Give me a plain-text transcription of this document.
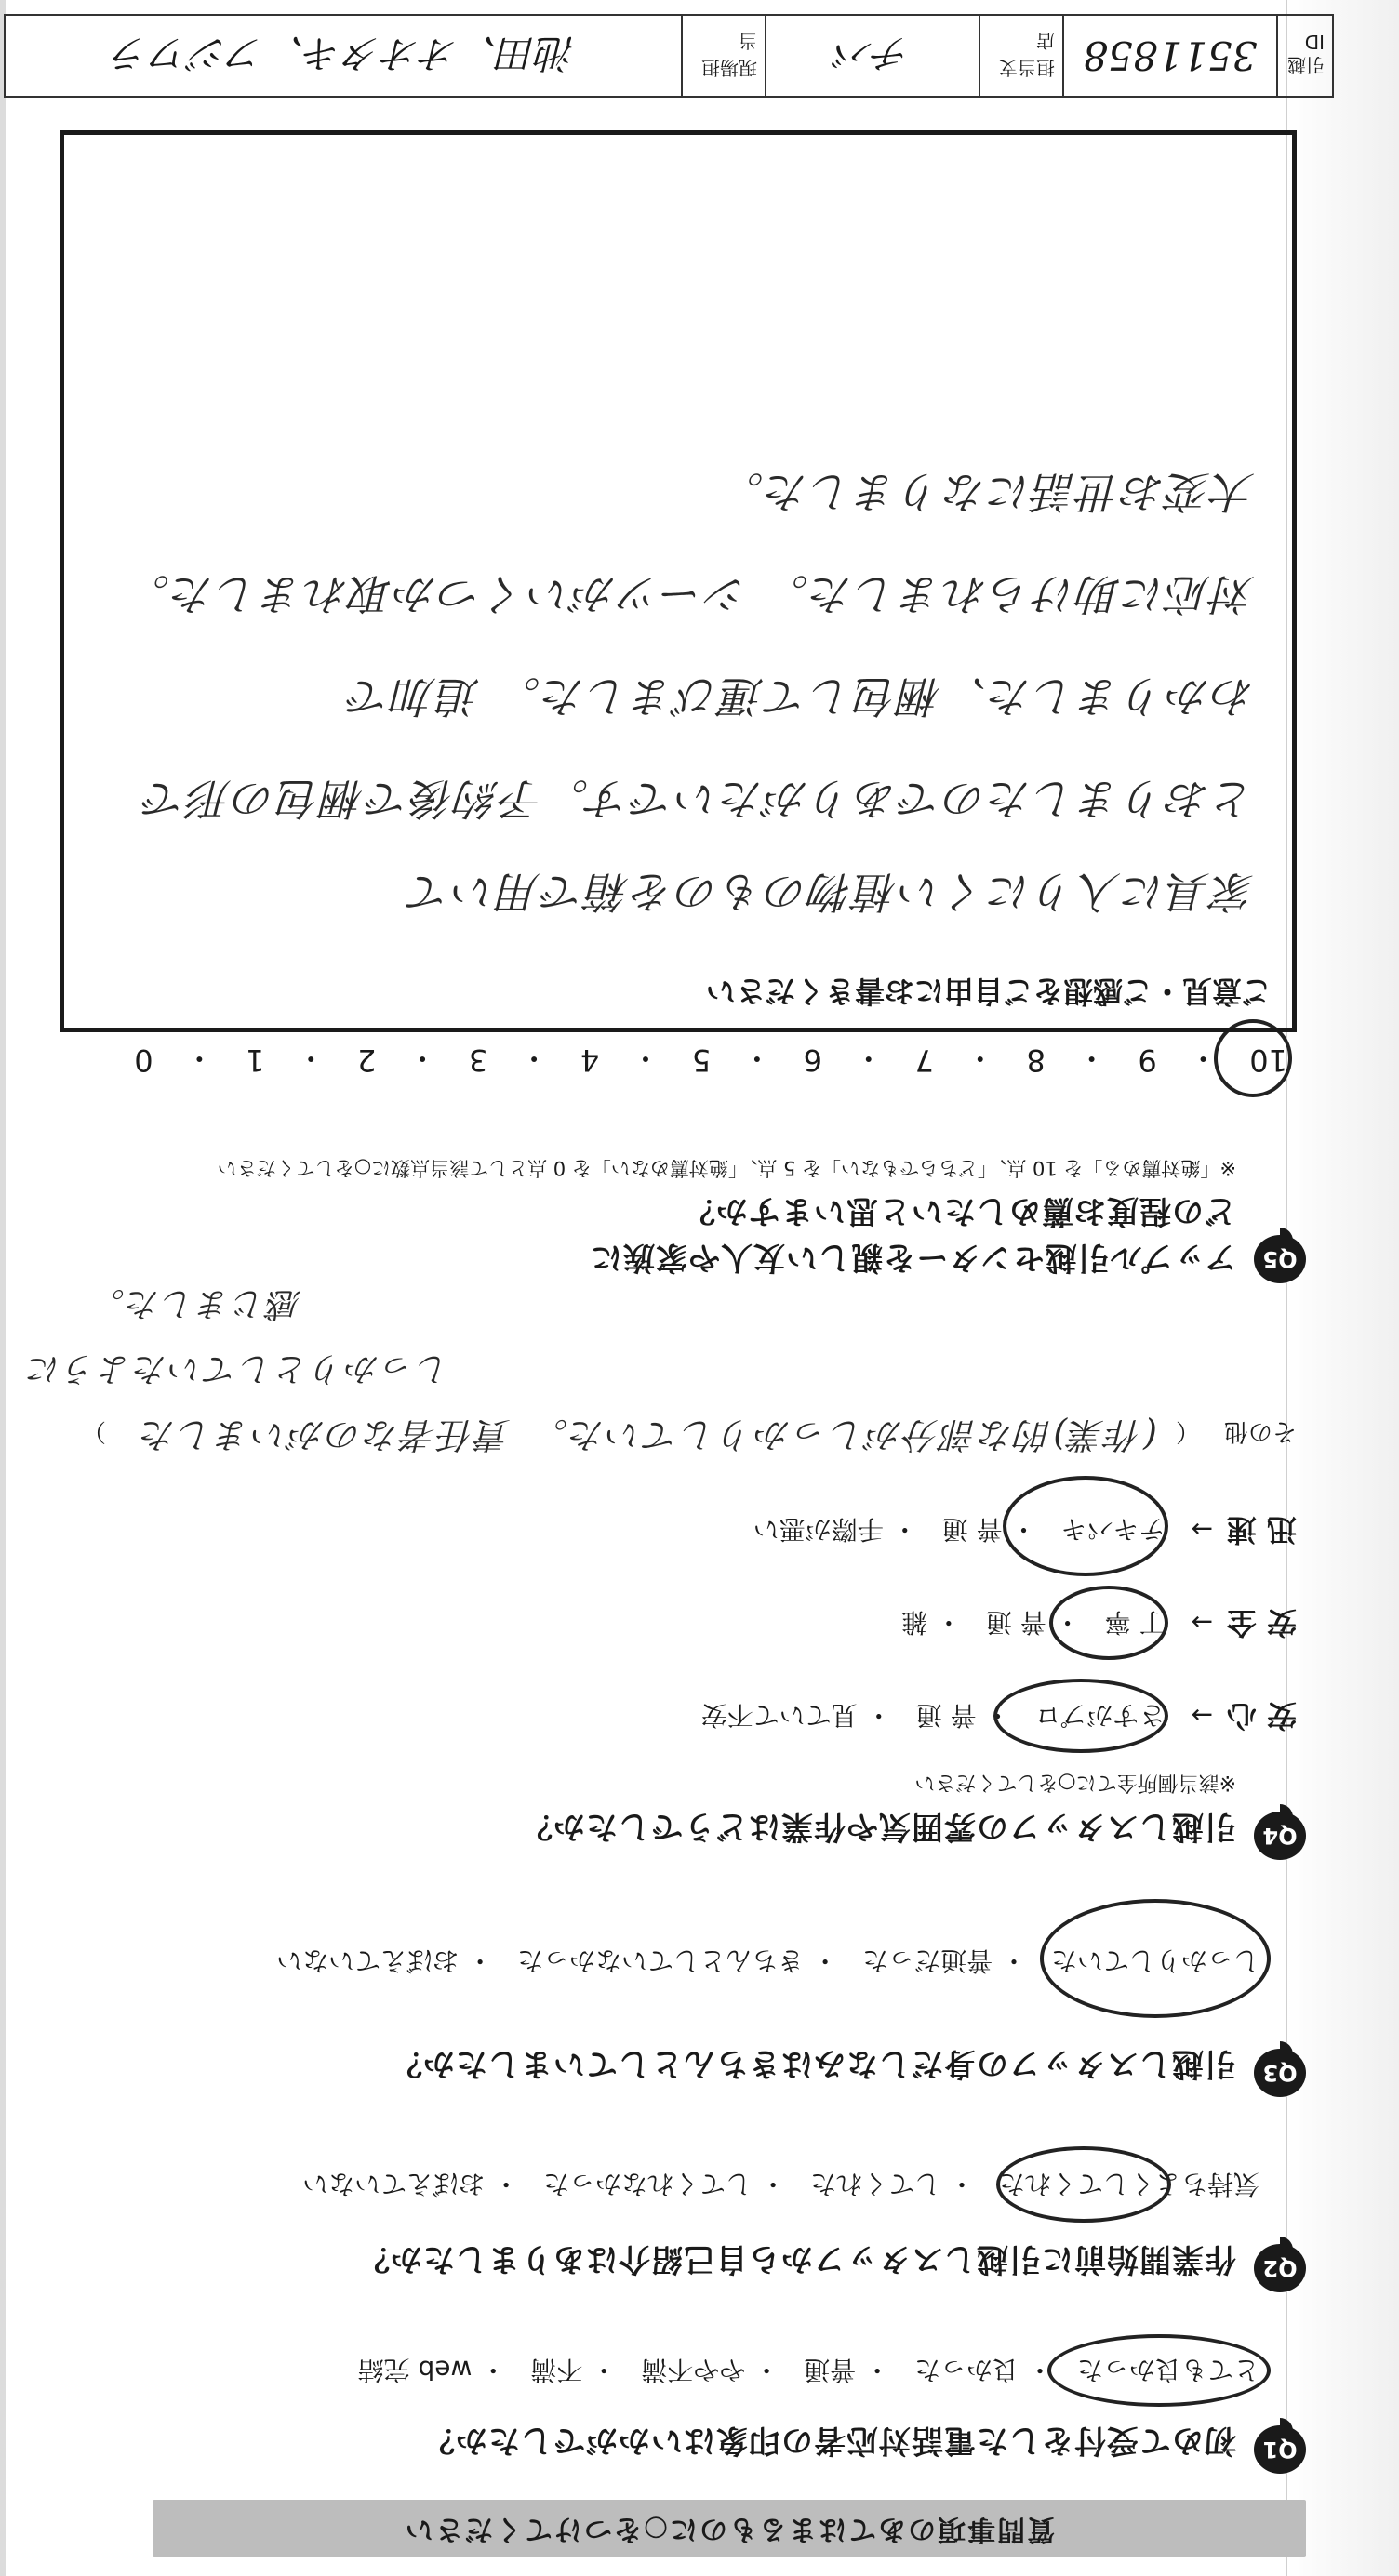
質問事項のあてはまるものに○をつけてください
Q1
初めて受付をした電話対応者の印象はいかがでしたか？
とても良かった・ 良かった・ 普通・ やや不満・ 不満・ web 完結
Q2
作業開始前に引越しスタッフから自己紹介はありましたか？
気持ちよくしてくれた・ してくれた・ してくれなかった・ おぼえていない
Q3
引越しスタッフの身だしなみはきちんとしていましたか？
しっかりしていた・ 普通だった・ きちんとしていなかった・ おぼえていない
Q4
引越しスタッフの雰囲気や作業はどうでしたか？
※該当個所全てに○をしてください
安 心
→　さすがプロ・ 普 通・ 見ていて不安
安 全
→　丁 寧・ 普 通・ 雑
迅 速
→　テキパキ・ 普 通・ 手際が悪い
その他（
(作業)的な部分がしっかりしていた。　責任者なのがいました
）
しっかりとしていたように
感じました。
Q5
アップル引越センターを親しい友人や家族に
どの程度お薦めしたいと思いますか？
※「絶対薦める」を 10 点、「どちらでもない」を 5 点、「絶対薦めない」を 0 点として該当点数に○をしてください
10
・
9
・
8
・
7
・
6
・
5
・
4
・
3
・
2
・
1
・
0
ご意見・ご感想をご自由にお書きください
家具に入りにくい植物のものを箱で用いて
とおりましたのでありがたいです。予約後で梱包の形で
わかりました、梱包して運びました。 追加で
対応に助けられました。 シーツがいくつか取れました。
大変お世話になりました。
引越 ID
3511858
担当支店
チバ
現場担当
池田、オオタキ、フジワラ
